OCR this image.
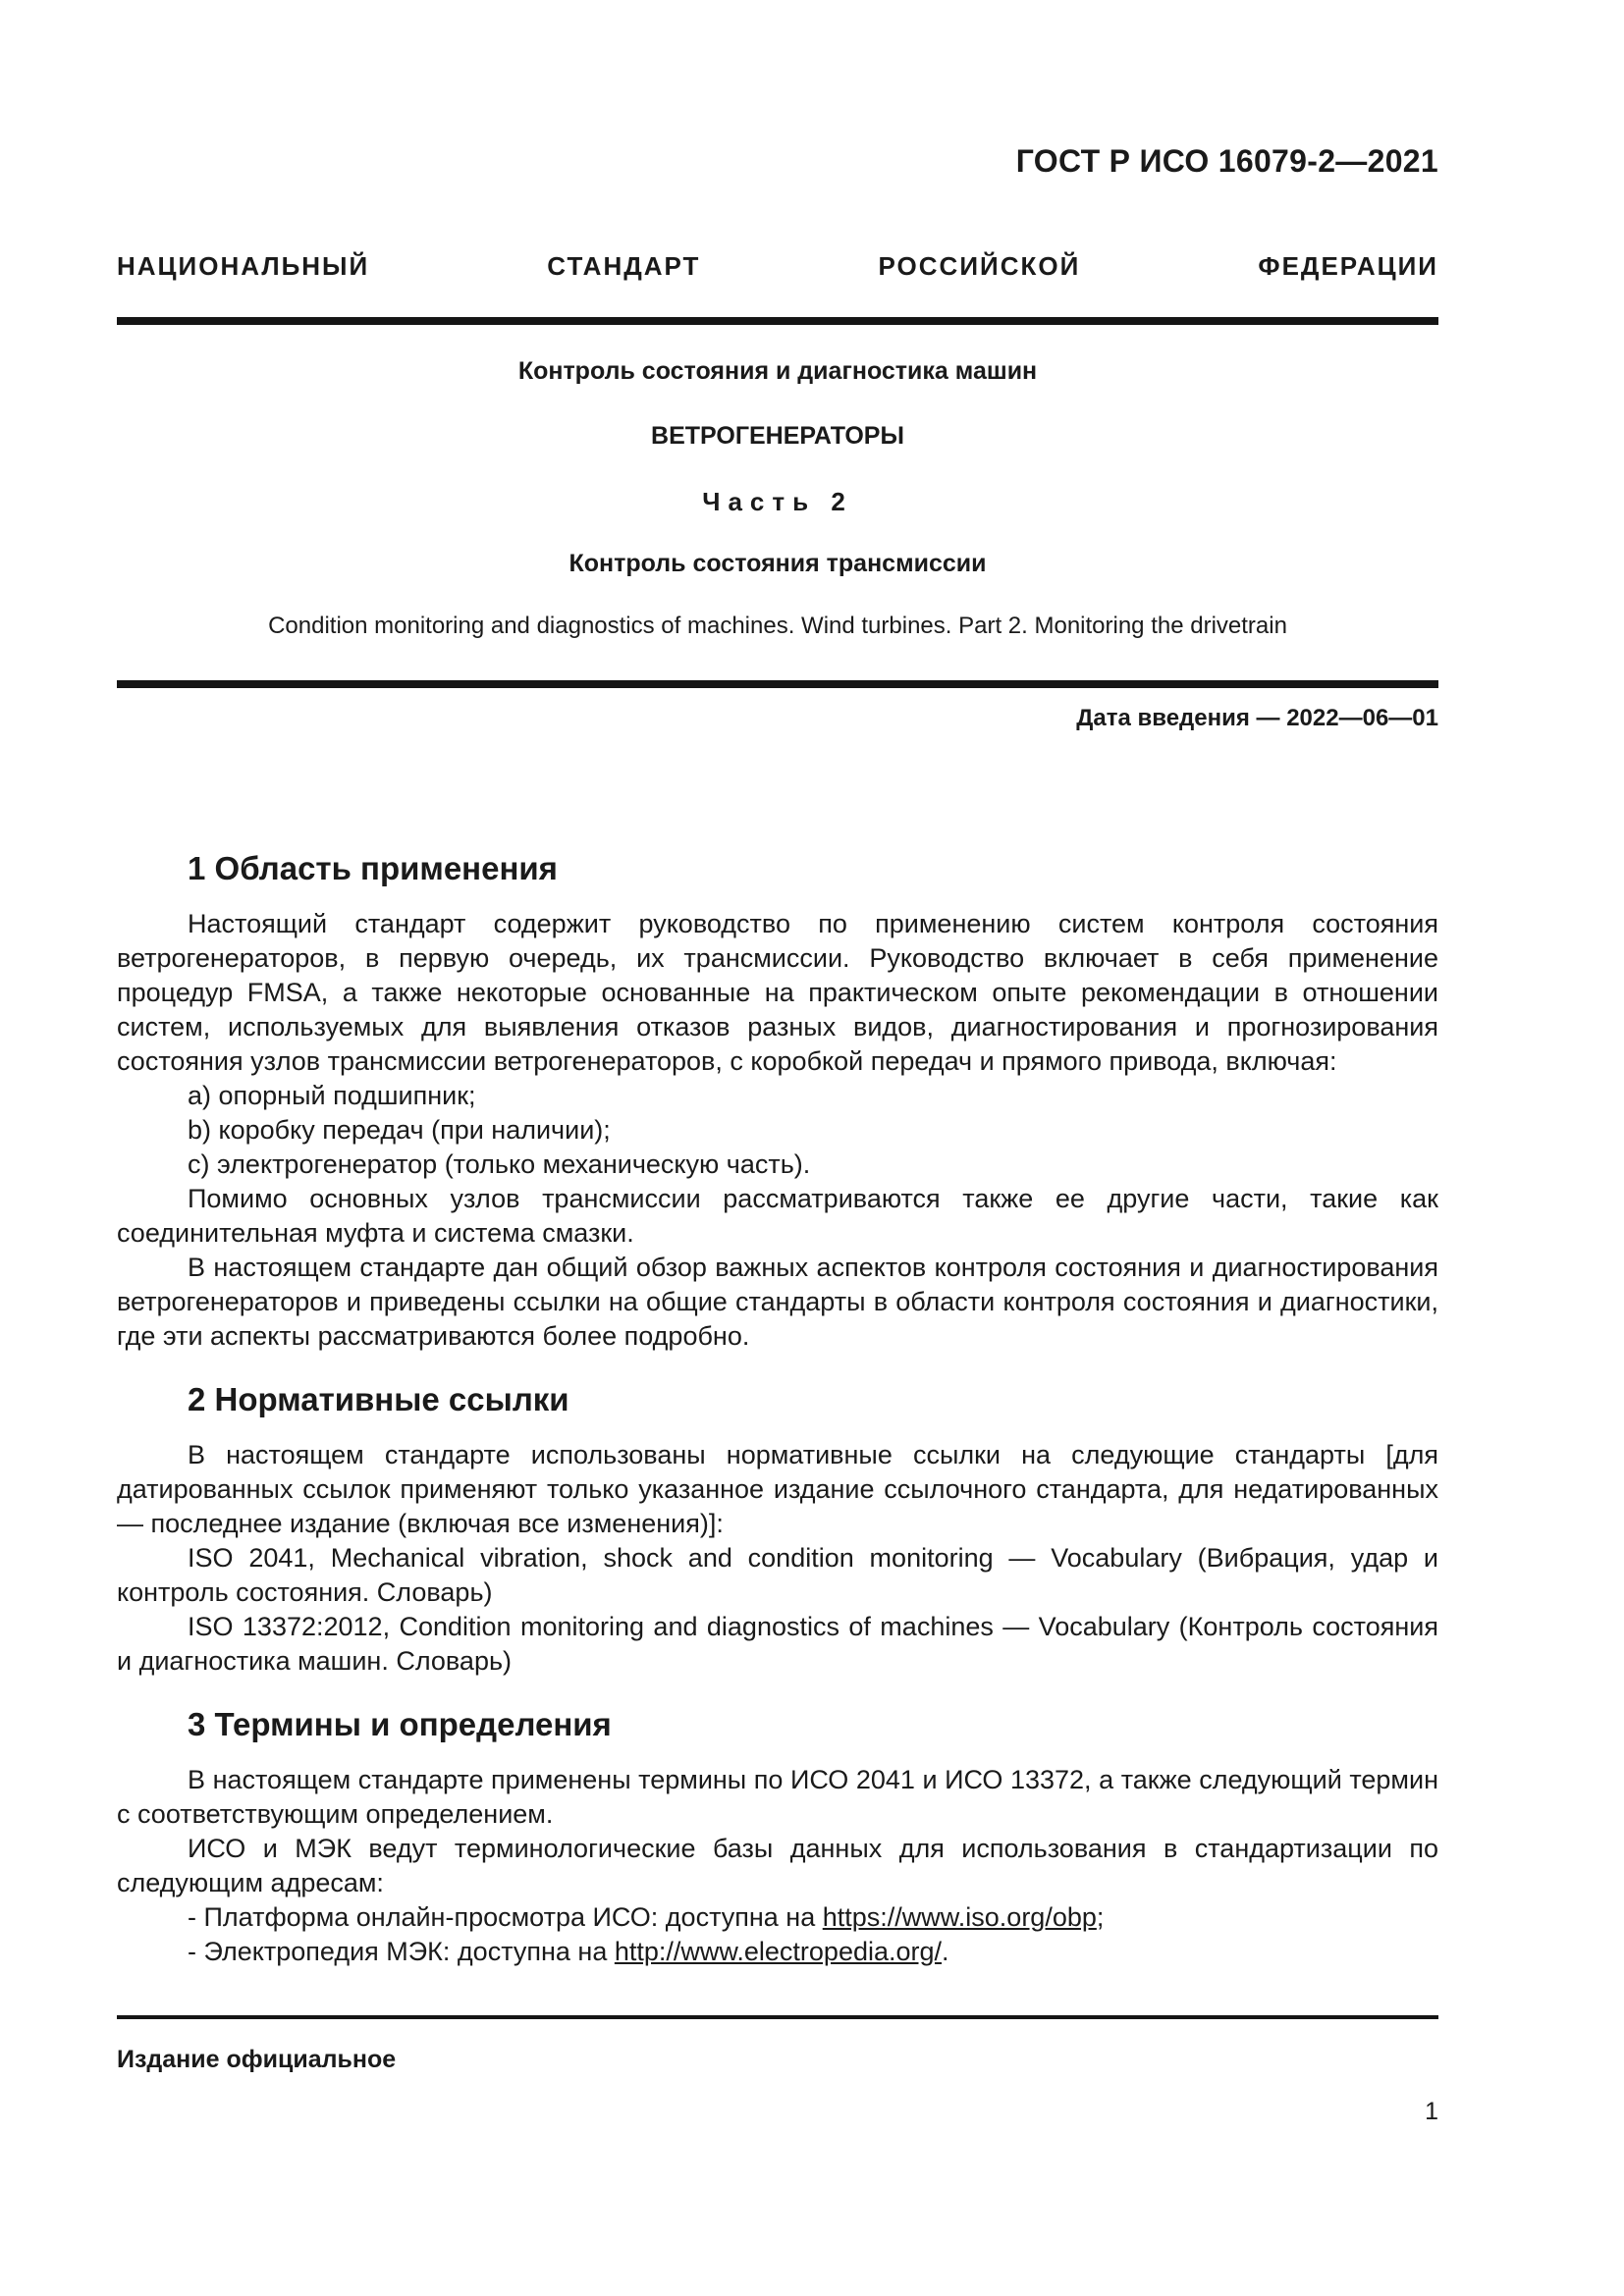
ГОСТ Р ИСО 16079-2—2021
НАЦИОНАЛЬНЫЙ СТАНДАРТ РОССИЙСКОЙ ФЕДЕРАЦИИ
Контроль состояния и диагностика машин
ВЕТРОГЕНЕРАТОРЫ
Часть 2
Контроль состояния трансмиссии
Condition monitoring and diagnostics of machines. Wind turbines. Part 2. Monitoring the drivetrain
Дата введения — 2022—06—01
1 Область применения

Настоящий стандарт содержит руководство по применению систем контроля состояния ветрогенераторов, в первую очередь, их трансмиссии. Руководство включает в себя применение процедур FMSA, а также некоторые основанные на практическом опыте рекомендации в отношении систем, используемых для выявления отказов разных видов, диагностирования и прогнозирования состояния узлов трансмиссии ветрогенераторов, с коробкой передач и прямого привода, включая:

a) опорный подшипник;

b) коробку передач (при наличии);

c) электрогенератор (только механическую часть).

Помимо основных узлов трансмиссии рассматриваются также ее другие части, такие как соединительная муфта и система смазки.

В настоящем стандарте дан общий обзор важных аспектов контроля состояния и диагностирования ветрогенераторов и приведены ссылки на общие стандарты в области контроля состояния и диагностики, где эти аспекты рассматриваются более подробно.

2 Нормативные ссылки

В настоящем стандарте использованы нормативные ссылки на следующие стандарты [для датированных ссылок применяют только указанное издание ссылочного стандарта, для недатированных — последнее издание (включая все изменения)]:

ISO 2041, Mechanical vibration, shock and condition monitoring — Vocabulary (Вибрация, удар и контроль состояния. Словарь)

ISO 13372:2012, Condition monitoring and diagnostics of machines — Vocabulary (Контроль состояния и диагностика машин. Словарь)

3 Термины и определения

В настоящем стандарте применены термины по ИСО 2041 и ИСО 13372, а также следующий термин с соответствующим определением.

ИСО и МЭК ведут терминологические базы данных для использования в стандартизации по следующим адресам:

- Платформа онлайн-просмотра ИСО: доступна на https://www.iso.org/obp;

- Электропедия МЭК: доступна на http://www.electropedia.org/.

Издание официальное
1
